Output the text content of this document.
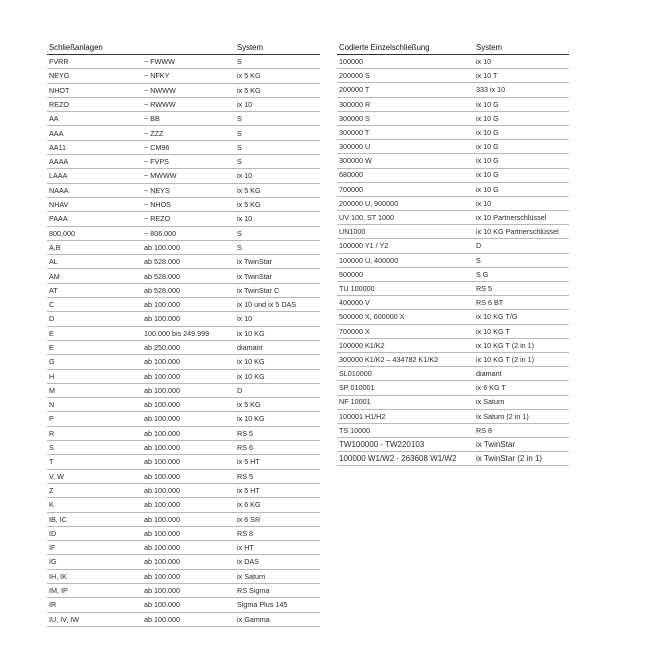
Schließanlagen		System
FVRR	~ FWWW	S
NEYG	~ NFKY	ix 5 KG
NHOT	~ NWWW	ix 5 KG
REZO	~ RWWW	ix 10
AA	~ BB	S
AAA	~ ZZZ	S
AA11	~ CM96	S
AAAA	~ FVPS	S
LAAA	~ MWWW	ix 10
NAAA	~ NEYS	ix 5 KG
NHAV	~ NHOS	ix 5 KG
PAAA	~ REZO	ix 10
800,000	~ 806.000	S
A,B	ab 100.000	S
AL	ab 528.000	ix TwinStar
AM	ab 528.000	ix TwinStar
AT	ab 528.000	ix TwinStar C
C	ab 100.000	ix 10 und ix 5 DAS
D	ab 100.000	ix 10
E	100.000 bis 249.999	ix 10 KG
E	ab 250.000	diamant
G	ab 100.000	ix 10 KG
H	ab 100.000	ix 10 KG
M	ab 100.000	D
N	ab 100.000	ix 5 KG
P	ab 100.000	ix 10 KG
R	ab 100.000	RS 5
S	ab 100.000	RS 6
T	ab 100.000	ix 5 HT
V, W	ab 100.000	RS 5
Z	ab 100.000	ix 5 HT
K	ab 100.000	ix 6 KG
IB, IC	ab 100.000	ix 6 SR
ID	ab 100.000	RS 8
IF	ab 100.000	ix HT
IG	ab 100.000	ix DAS
IH, IK	ab 100.000	ix Saturn
IM, IP	ab 100.000	RS Sigma
IR	ab 100.000	Sigma Plus 145
IU, IV, IW	ab 100.000	ix Gamma
Codierte Einzelschließung	System
100000	ix 10
200000 S	ix 10 T
200000 T	333 ix 10
300000 R	ix 10 G
300000 S	ix 10 G
300000 T	ix 10 G
300000 U	ix 10 G
300000 W	ix 10 G
680000	ix 10 G
700000	ix 10 G
200000 U, 900000	ix 10
UV 100, ST 1000	ix 10 Partnerschlüssel
UN1000	ix 10 KG Partnerschlüssel
100000 Y1 / Y2	D
100000 U, 400000	S
500000	S G
TU 100000	RS 5
400000 V	RS 6 BT
500000 X, 600000 X	ix 10 KG T/G
700000 X	ix 10 KG T
100000 K1/K2	ix 10 KG T (2 in 1)
300000 K1/K2 – 434782 K1/K2	ix 10 KG T (2 in 1)
SL010000	diamant
SP 010001	ix 6 KG T
NF 10001	ix Saturn
100001 H1/H2	ix Saturn (2 in 1)
TS 10000	RS 8
TW100000 - TW220103	ix TwinStar
100000 W1/W2 - 263608 W1/W2	ix TwinStar (2 in 1)
